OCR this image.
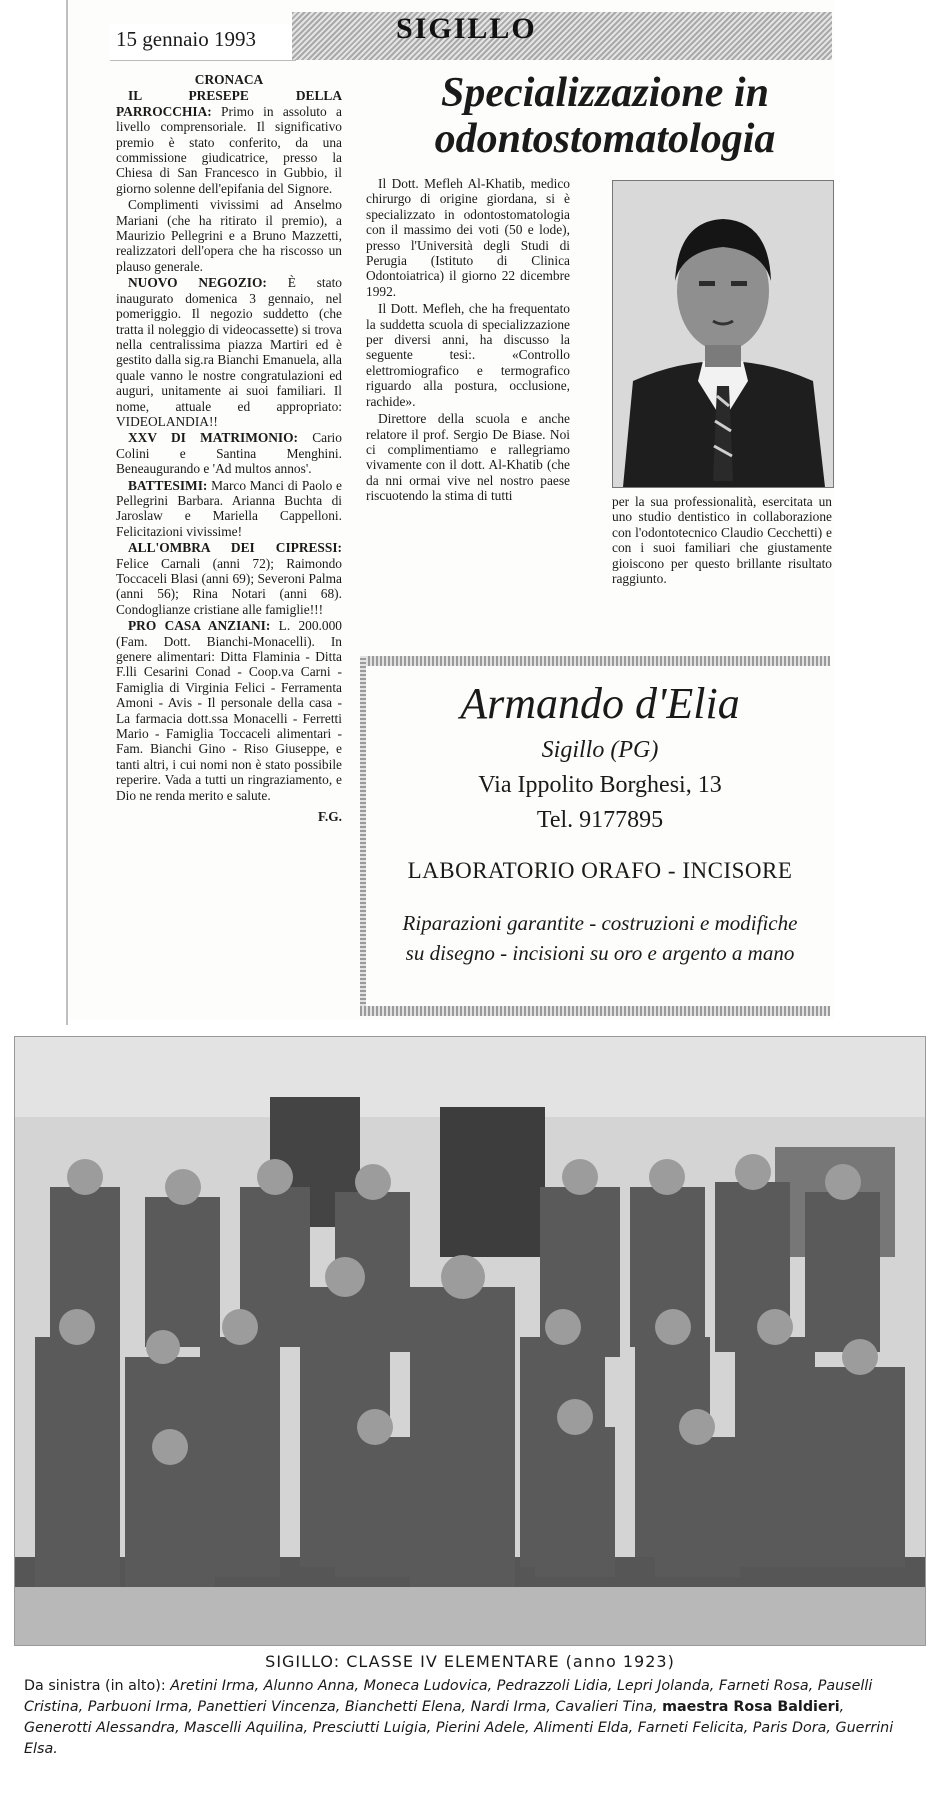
15 gennaio 1993	SIGILLO

CRONACA

IL PRESEPE DELLA PARROCCHIA: Primo in assoluto a livello comprensoriale. Il significativo premio è stato conferito, da una commissione giudicatrice, presso la Chiesa di San Francesco in Gubbio, il giorno solenne dell'epifania del Signore.

Complimenti vivissimi ad Anselmo Mariani (che ha ritirato il premio), a Maurizio Pellegrini e a Bruno Mazzetti, realizzatori dell'opera che ha riscosso un plauso generale.

NUOVO NEGOZIO: È stato inaugurato domenica 3 gennaio, nel pomeriggio. Il negozio suddetto (che tratta il noleggio di videocassette) si trova nella centralissima piazza Martiri ed è gestito dalla sig.ra Bianchi Emanuela, alla quale vanno le nostre congratulazioni ed auguri, unitamente ai suoi familiari. Il nome, attuale ed appropriato: VIDEOLANDIA!!

XXV DI MATRIMONIO: Cario Colini e Santina Menghini. Beneaugurando e 'Ad multos annos'.

BATTESIMI: Marco Manci di Paolo e Pellegrini Barbara. Arianna Buchta di Jaroslaw e Mariella Cappelloni. Felicitazioni vivissime!

ALL'OMBRA DEI CIPRESSI: Felice Carnali (anni 72); Raimondo Toccaceli Blasi (anni 69); Severoni Palma (anni 56); Rina Notari (anni 68). Condoglianze cristiane alle famiglie!!!

PRO CASA ANZIANI: L. 200.000 (Fam. Dott. Bianchi-Monacelli). In genere alimentari: Ditta Flaminia - Ditta F.lli Cesarini Conad - Coop.va Carni - Famiglia di Virginia Felici - Ferramenta Amoni - Avis - Il personale della casa - La farmacia dott.ssa Monacelli - Ferretti Mario - Famiglia Toccaceli alimentari - Fam. Bianchi Gino - Riso Giuseppe, e tanti altri, i cui nomi non è stato possibile reperire. Vada a tutti un ringraziamento, e Dio ne renda merito e salute.

F.G.
Specializzazione in
odontostomatologia

Il Dott. Mefleh Al-Khatib, medico chirurgo di origine giordana, si è specializzato in odontostomatologia con il massimo dei voti (50 e lode), presso l'Università degli Studi di Perugia (Istituto di Clinica Odontoiatrica) il giorno 22 dicembre 1992.

Il Dott. Mefleh, che ha frequentato la suddetta scuola di specializzazione per diversi anni, ha discusso la seguente tesi:. «Controllo elettromiografico e termografico riguardo alla postura, occlusione, rachide».

Direttore della scuola e anche relatore il prof. Sergio De Biase. Noi ci complimentiamo e rallegriamo vivamente con il dott. Al-Khatib (che da nni ormai vive nel nostro paese riscuotendo la stima di tutti	per la sua professionalità, esercitata un uno studio dentistico in collaborazione con l'odontotecnico Claudio Cecchetti) e con i suoi familiari che giustamente gioiscono per questo brillante risultato raggiunto.
Armando d'Elia
Sigillo (PG)
Via Ippolito Borghesi, 13
Tel. 9177895
LABORATORIO ORAFO - INCISORE
Riparazioni garantite - costruzioni e modifiche
su disegno - incisioni su oro e argento a mano
SIGILLO: CLASSE IV ELEMENTARE (anno 1923)
Da sinistra (in alto): Aretini Irma, Alunno Anna, Moneca Ludovica, Pedrazzoli Lidia, Lepri Jolanda, Farneti Rosa, Pauselli Cristina, Parbuoni Irma, Panettieri Vincenza, Bianchetti Elena, Nardi Irma, Cavalieri Tina, maestra Rosa Baldieri, Generotti Alessandra, Mascelli Aquilina, Presciutti Luigia, Pierini Adele, Alimenti Elda, Farneti Felicita, Paris Dora, Guerrini Elsa.
